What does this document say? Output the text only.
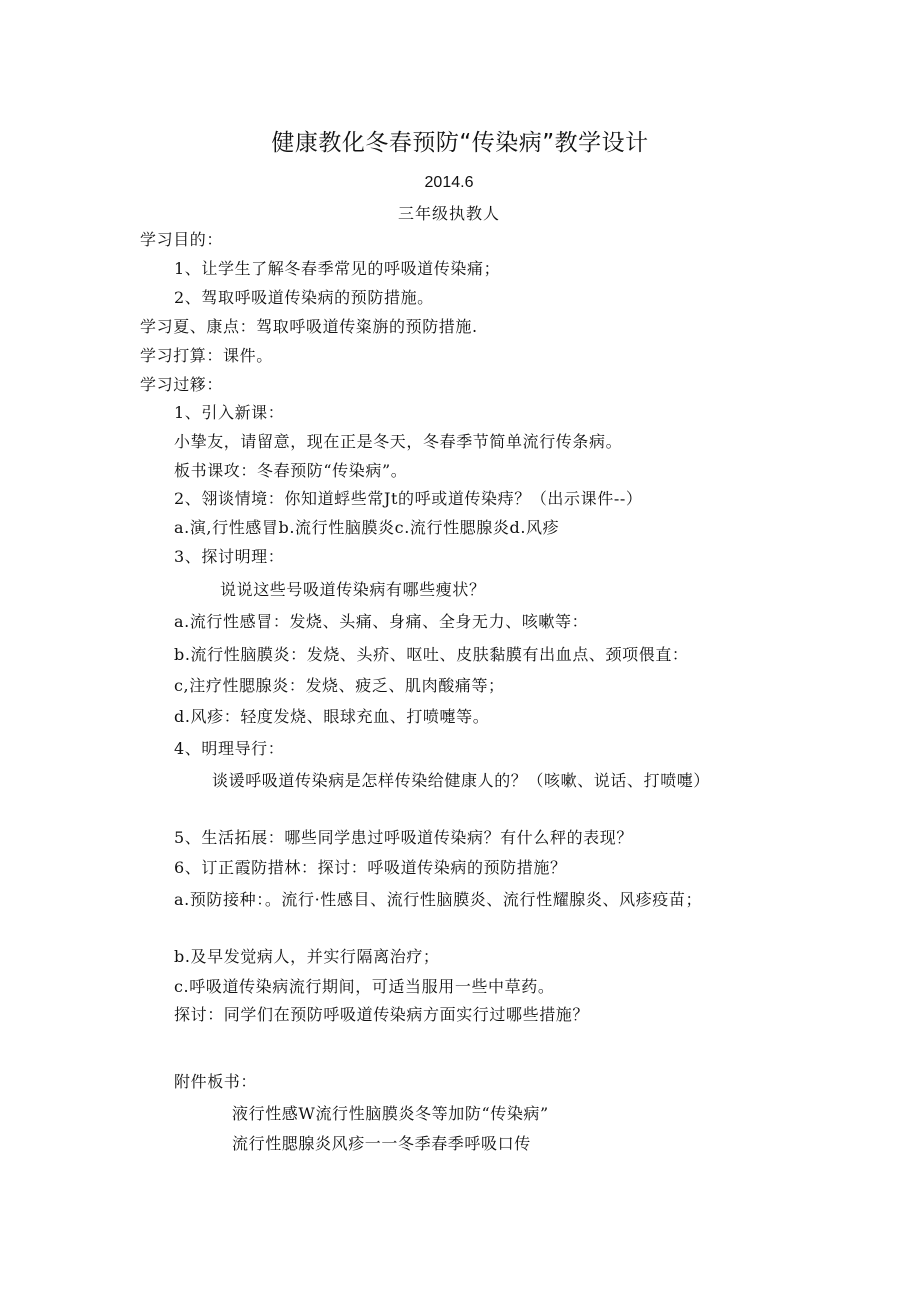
健康教化冬春预防“传染病”教学设计
2014.6
三年级执教人
学习目的：
1、让学生了解冬春季常见的呼吸道传染痛；
2、驾取呼吸道传染病的预防措施。
学习夏、康点：驾取呼吸道传粢旃的预防措施.
学习打算：课件。
学习过簃：
1、引入新课：
小挚友，请留意，现在正是冬天，冬春季节简单流行传条病。
板书课攻：冬春预防“传染病”。
2、翎谈情境：你知道蜉些常Jt的呼或道传染痔？（出示课件--）
a.演,行性感冒b.流行性脑膜炎c.流行性腮腺炎d.风疹
3、探讨明理：
说说这些号吸道传染病有哪些瘦状？
a.流行性感冒：发烧、头痛、身痛、全身无力、咳嗽等：
b.流行性脑膜炎：发烧、头疥、呕吐、皮肤黏膜有出血点、颈项偎直：
c,注疗性腮腺炎：发烧、疲乏、肌肉酸痛等；
d.风疹：轻度发烧、眼球充血、打喷嚏等。
4、明理导行：
谈谖呼吸道传染病是怎样传染给健康人的？（咳嗽、说话、打喷嚏）
5、生活拓展：哪些同学患过呼吸道传染病？有什么秤的表现？
6、订正霞防措林：探讨：呼吸道传染病的预防措施？
a.预防接种：。流行·性感目、流行性脑膜炎、流行性耀腺炎、风疹疫苗；
b.及早发觉病人，并实行隔离治疗；
c.呼吸道传染病流行期间，可适当服用一些中草药。
探讨：同学们在预防呼吸道传染病方面实行过哪些措施？
附件板书：
液行性感W流行性脑膜炎冬等加防“传染病”
流行性腮腺炎风疹一一冬季春季呼吸口传
